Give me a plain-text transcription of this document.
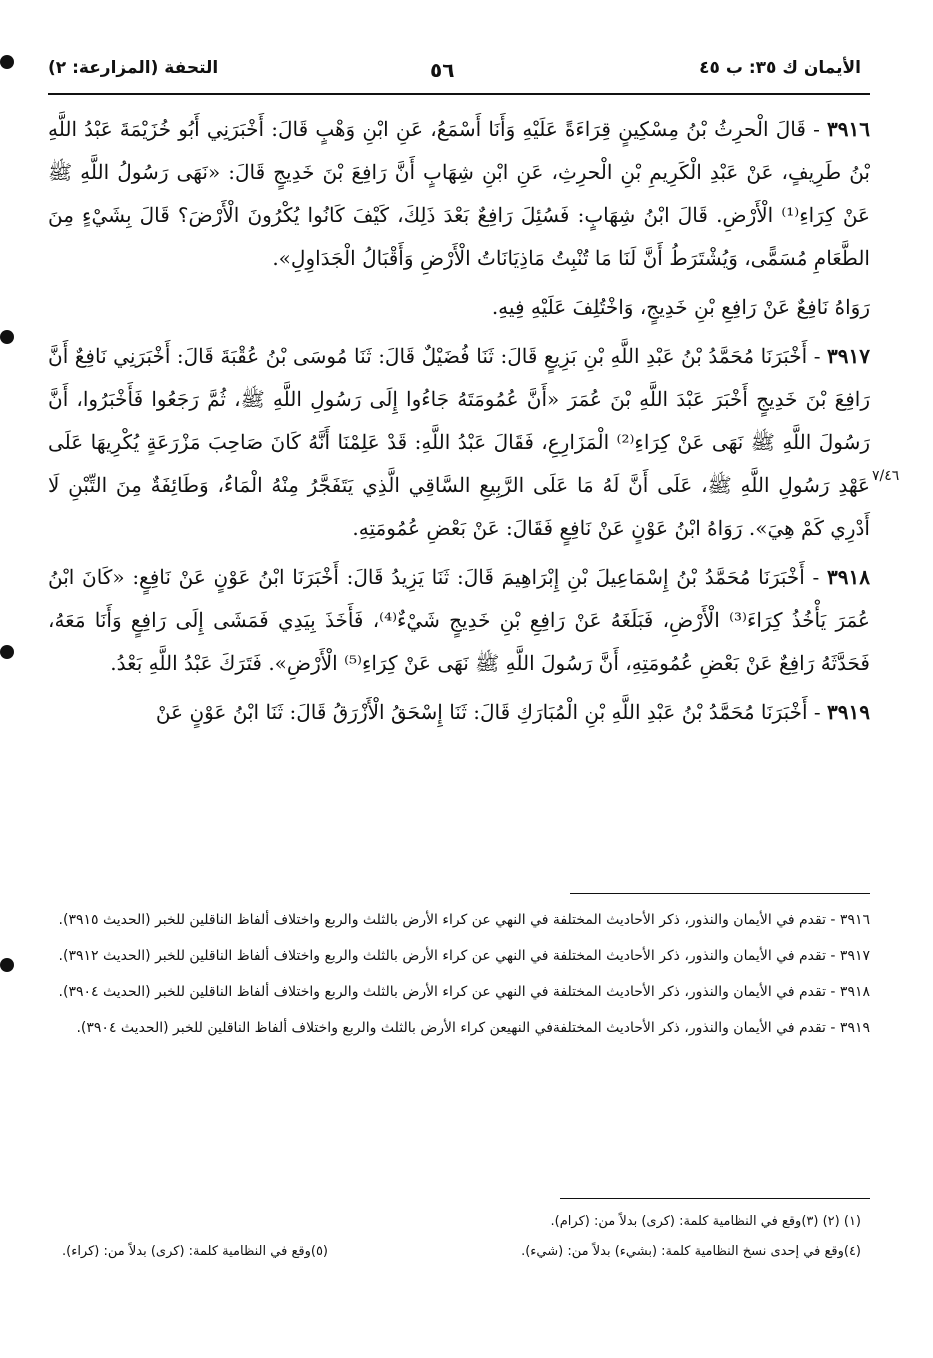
الأيمان ك ٣٥: ب ٤٥
٥٦
التحفة (المزارعة: ٢)
٧/٤٦

٣٩١٦ - قَالَ الْحرِثُ بْنُ مِسْكِينٍ قِرَاءَةً عَلَيْهِ وَأَنَا أَسْمَعُ، عَنِ ابْنِ وَهْبٍ قَالَ: أَخْبَرَنِي أَبُو خُزَيْمَةَ عَبْدُ اللَّهِ بْنُ طَرِيفٍ، عَنْ عَبْدِ الْكَرِيمِ بْنِ الْحرِثِ، عَنِ ابْنِ شِهَابٍ أَنَّ رَافِعَ بْنَ خَدِيجٍ قَالَ: «نَهَى رَسُولُ اللَّهِ ﷺ عَنْ كِرَاءِ⁽¹⁾ الْأَرْضِ. قَالَ ابْنُ شِهَابٍ: فَسُئِلَ رَافِعٌ بَعْدَ ذَلِكَ، كَيْفَ كَانُوا يُكْرُونَ الْأَرْضَ؟ قَالَ بِشَيْءٍ مِنَ الطَّعَامِ مُسَمًّى، وَيُشْتَرَطُ أَنَّ لَنَا مَا تُنْبِتُ مَاذِيَانَاتُ الْأَرْضِ وَأَقْبَالُ الْجَدَاوِلِ».

رَوَاهُ نَافِعٌ عَنْ رَافِعِ بْنِ خَدِيجٍ، وَاخْتُلِفَ عَلَيْهِ فِيهِ.

٣٩١٧ - أَخْبَرَنَا مُحَمَّدُ بْنُ عَبْدِ اللَّهِ بْنِ بَزِيعٍ قَالَ: ثَنَا فُضَيْلٌ قَالَ: ثَنَا مُوسَى بْنُ عُقْبَةَ قَالَ: أَخْبَرَنِي نَافِعٌ أَنَّ رَافِعَ بْنَ خَدِيجٍ أَخْبَرَ عَبْدَ اللَّهِ بْنَ عُمَرَ «أَنَّ عُمُومَتَهُ جَاءُوا إِلَى رَسُولِ اللَّهِ ﷺ، ثُمَّ رَجَعُوا فَأَخْبَرُوا، أَنَّ رَسُولَ اللَّهِ ﷺ نَهَى عَنْ كِرَاءِ⁽²⁾ الْمَزَارِعِ، فَقَالَ عَبْدُ اللَّهِ: قَدْ عَلِمْنَا أَنَّهُ كَانَ صَاحِبَ مَزْرَعَةٍ يُكْرِيهَا عَلَى عَهْدِ رَسُولِ اللَّهِ ﷺ، عَلَى أَنَّ لَهُ مَا عَلَى الرَّبِيعِ السَّاقِي الَّذِي يَتَفَجَّرُ مِنْهُ الْمَاءُ، وَطَائِفَةٌ مِنَ التِّبْنِ لَا أَدْرِي كَمْ هِيَ». رَوَاهُ ابْنُ عَوْنٍ عَنْ نَافِعٍ فَقَالَ: عَنْ بَعْضِ عُمُومَتِهِ.

٣٩١٨ - أَخْبَرَنَا مُحَمَّدُ بْنُ إِسْمَاعِيلَ بْنِ إِبْرَاهِيمَ قَالَ: ثَنَا يَزِيدُ قَالَ: أَخْبَرَنَا ابْنُ عَوْنٍ عَنْ نَافِعٍ: «كَانَ ابْنُ عُمَرَ يَأْخُذُ كِرَاءَ⁽³⁾ الْأَرْضِ، فَبَلَغَهُ عَنْ رَافِعِ بْنِ خَدِيجٍ شَيْءٌ⁽⁴⁾، فَأَخَذَ بِيَدِي فَمَشَى إِلَى رَافِعٍ وَأَنَا مَعَهُ، فَحَدَّثَهُ رَافِعٌ عَنْ بَعْضِ عُمُومَتِهِ، أَنَّ رَسُولَ اللَّهِ ﷺ نَهَى عَنْ كِرَاءِ⁽⁵⁾ الْأَرْضِ». فَتَرَكَ عَبْدُ اللَّهِ بَعْدُ.

٣٩١٩ - أَخْبَرَنَا مُحَمَّدُ بْنُ عَبْدِ اللَّهِ بْنِ الْمُبَارَكِ قَالَ: ثَنَا إِسْحَقُ الْأَزْرَقُ قَالَ: ثَنَا ابْنُ عَوْنٍ عَنْ

٣٩١٦ - تقدم في الأيمان والنذور، ذكر الأحاديث المختلفة في النهي عن كراء الأرض بالثلث والربع واختلاف ألفاظ الناقلين للخبر (الحديث ٣٩١٥).

٣٩١٧ - تقدم في الأيمان والنذور، ذكر الأحاديث المختلفة في النهي عن كراء الأرض بالثلث والربع واختلاف ألفاظ الناقلين للخبر (الحديث ٣٩١٢).

٣٩١٨ - تقدم في الأيمان والنذور، ذكر الأحاديث المختلفة في النهي عن كراء الأرض بالثلث والربع واختلاف ألفاظ الناقلين للخبر (الحديث ٣٩٠٤).

٣٩١٩ - تقدم في الأيمان والنذور، ذكر الأحاديث المختلفةفي النهيعن كراء الأرض بالثلث والربع واختلاف ألفاظ الناقلين للخبر (الحديث ٣٩٠٤).

(١) (٢) (٣)وقع في النظامية كلمة: (كرى) بدلاً من: (كرام).
(٤)وقع في إحدى نسخ النظامية كلمة: (بشيء) بدلاً من: (شيء).
(٥)وقع في النظامية كلمة: (كرى) بدلاً من: (كراء).
